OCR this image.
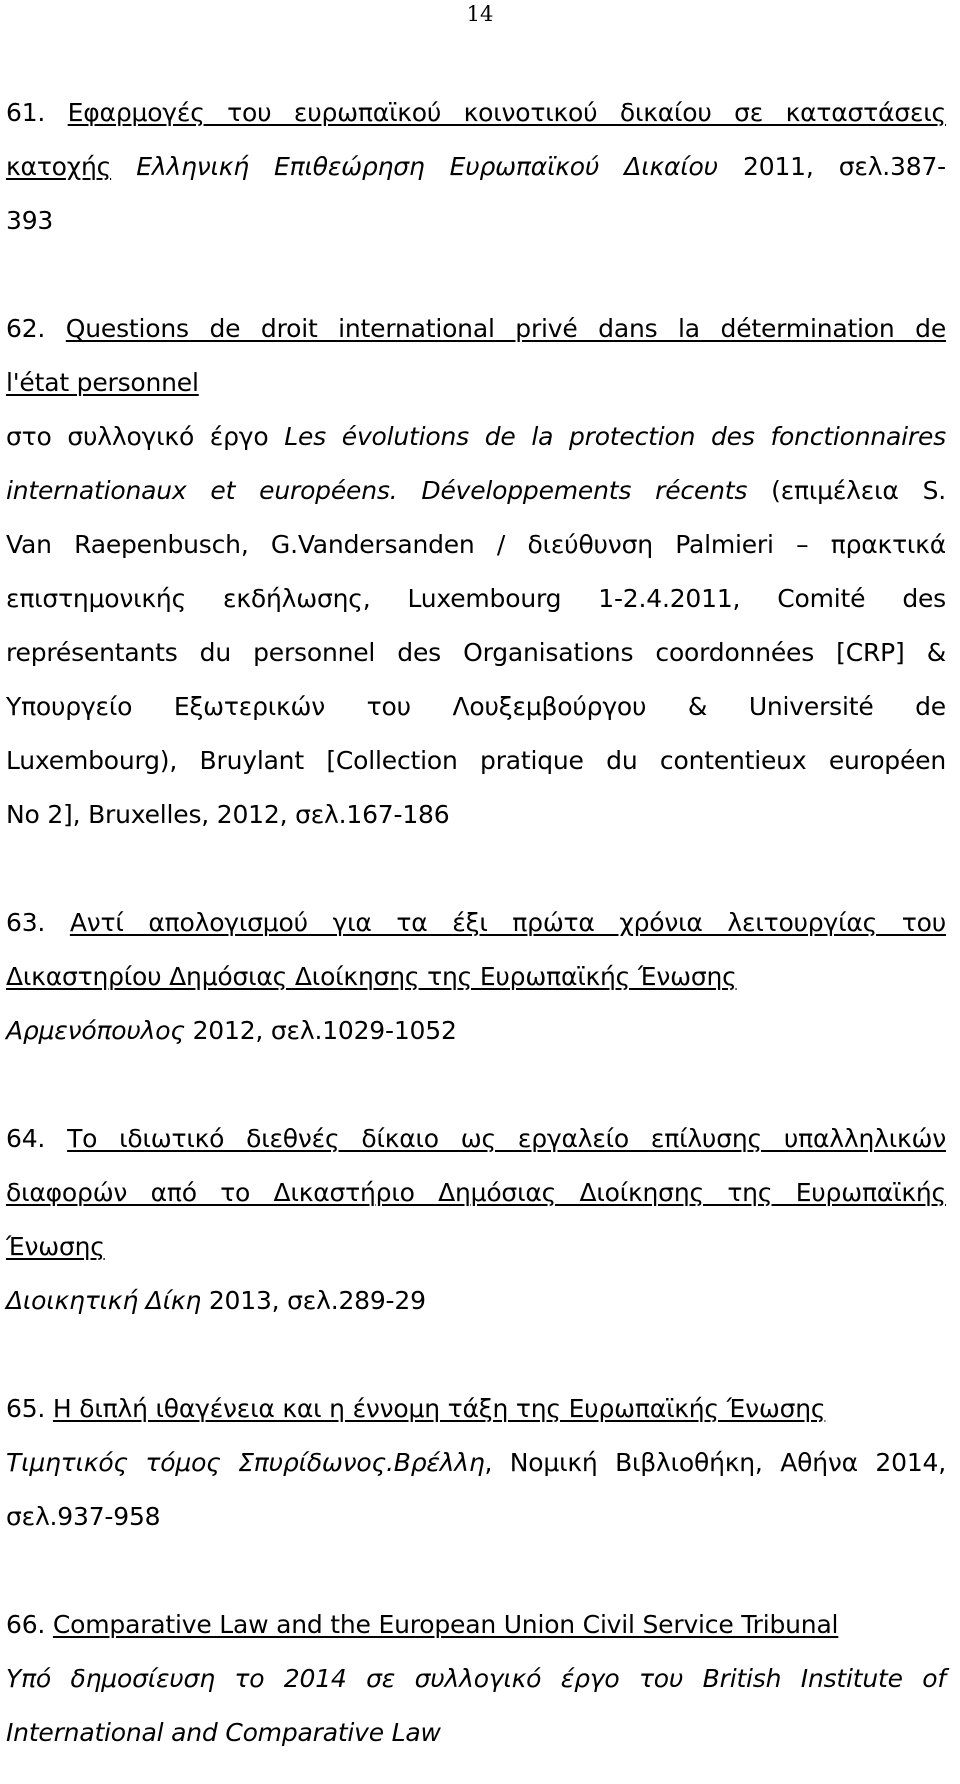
14
61. Εφαρμογές του ευρωπαϊκού κοινοτικού δικαίου σε καταστάσεις
κατοχής Ελληνική Επιθεώρηση Ευρωπαϊκού Δικαίου 2011, σελ.387-
393
62. Questions de droit international privé dans la détermination de
l'état personnel
στο συλλογικό έργο Les évolutions de la protection des fonctionnaires
internationaux et européens. Développements récents (επιμέλεια S.
Van Raepenbusch, G.Vandersanden / διεύθυνση Palmieri – πρακτικά
επιστημονικής εκδήλωσης, Luxembourg 1-2.4.2011, Comité des
représentants du personnel des Organisations coordonnées [CRP] &
Υπουργείο Εξωτερικών του Λουξεμβούργου & Université de
Luxembourg), Bruylant [Collection pratique du contentieux européen
No 2], Bruxelles, 2012, σελ.167-186
63. Αντί απολογισμού για τα έξι πρώτα χρόνια λειτουργίας του
Δικαστηρίου Δημόσιας Διοίκησης της Ευρωπαϊκής Ένωσης
Αρμενόπουλος 2012, σελ.1029-1052
64. Το ιδιωτικό διεθνές δίκαιο ως εργαλείο επίλυσης υπαλληλικών
διαφορών από το Δικαστήριο Δημόσιας Διοίκησης της Ευρωπαϊκής
Ένωσης
Διοικητική Δίκη 2013, σελ.289-29
65. Η διπλή ιθαγένεια και η έννομη τάξη της Ευρωπαϊκής Ένωσης
Τιμητικός τόμος Σπυρίδωνος.Βρέλλη, Νομική Βιβλιοθήκη, Αθήνα 2014,
σελ.937-958
66. Comparative Law and the European Union Civil Service Tribunal
Υπό δημοσίευση το 2014 σε συλλογικό έργο του British Institute of
International and Comparative Law
